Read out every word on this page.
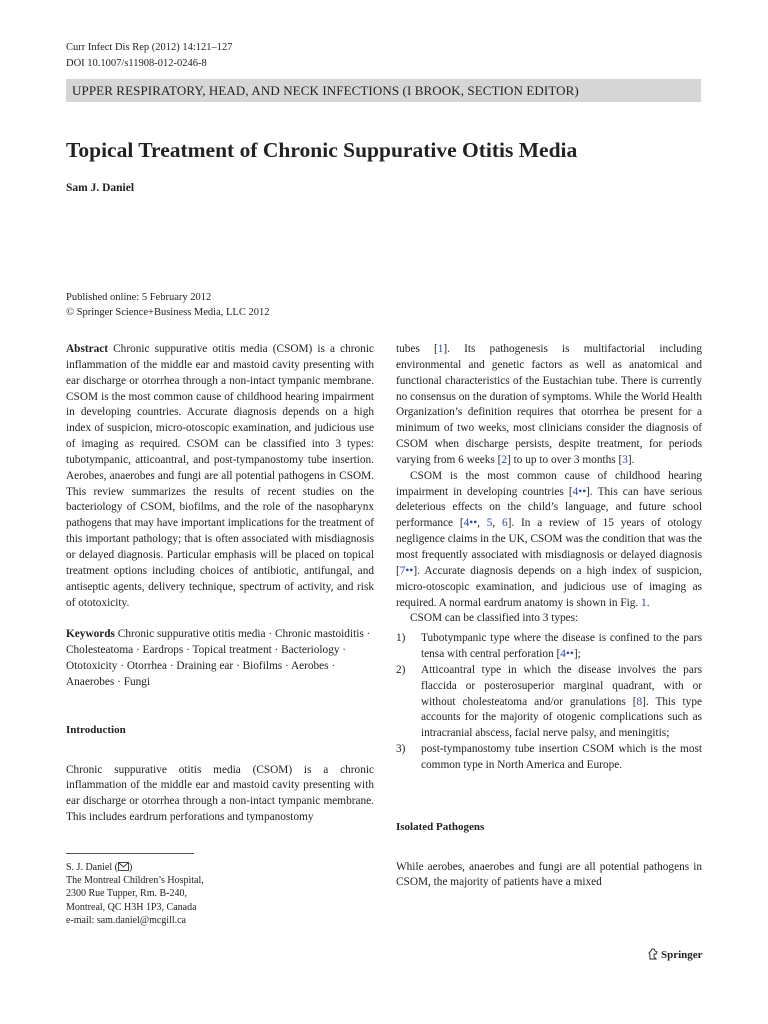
Curr Infect Dis Rep (2012) 14:121–127
DOI 10.1007/s11908-012-0246-8
UPPER RESPIRATORY, HEAD, AND NECK INFECTIONS (I BROOK, SECTION EDITOR)
Topical Treatment of Chronic Suppurative Otitis Media
Sam J. Daniel
Published online: 5 February 2012
© Springer Science+Business Media, LLC 2012

Abstract Chronic suppurative otitis media (CSOM) is a chronic inflammation of the middle ear and mastoid cavity presenting with ear discharge or otorrhea through a non-intact tympanic membrane. CSOM is the most common cause of childhood hearing impairment in developing countries. Accurate diagnosis depends on a high index of suspicion, micro-otoscopic examination, and judicious use of imaging as required. CSOM can be classified into 3 types: tubotympanic, atticoantral, and post-tympanostomy tube insertion. Aerobes, anaerobes and fungi are all potential pathogens in CSOM. This review summarizes the results of recent studies on the bacteriology of CSOM, biofilms, and the role of the nasopharynx pathogens that may have important implications for the treatment of this important pathology; that is often associated with misdiagnosis or delayed diagnosis. Particular emphasis will be placed on topical treatment options including choices of antibiotic, antifungal, and antiseptic agents, delivery technique, spectrum of activity, and risk of ototoxicity.

Keywords Chronic suppurative otitis media · Chronic mastoiditis · Cholesteatoma · Eardrops · Topical treatment · Bacteriology · Ototoxicity · Otorrhea · Draining ear · Biofilms · Aerobes · Anaerobes · Fungi

Introduction

Chronic suppurative otitis media (CSOM) is a chronic inflammation of the middle ear and mastoid cavity presenting with ear discharge or otorrhea through a non-intact tympanic membrane. This includes eardrum perforations and tympanostomy

tubes [1]. Its pathogenesis is multifactorial including environmental and genetic factors as well as anatomical and functional characteristics of the Eustachian tube. There is currently no consensus on the duration of symptoms. While the World Health Organization’s definition requires that otorrhea be present for a minimum of two weeks, most clinicians consider the diagnosis of CSOM when discharge persists, despite treatment, for periods varying from 6 weeks [2] to up to over 3 months [3].

CSOM is the most common cause of childhood hearing impairment in developing countries [4••]. This can have serious deleterious effects on the child’s language, and future school performance [4••, 5, 6]. In a review of 15 years of otology negligence claims in the UK, CSOM was the condition that was the most frequently associated with misdiagnosis or delayed diagnosis [7••]. Accurate diagnosis depends on a high index of suspicion, micro-otoscopic examination, and judicious use of imaging as required. A normal eardrum anatomy is shown in Fig. 1.

CSOM can be classified into 3 types:

1) Tubotympanic type where the disease is confined to the pars tensa with central perforation [4••];
2) Atticoantral type in which the disease involves the pars flaccida or posterosuperior marginal quadrant, with or without cholesteatoma and/or granulations [8]. This type accounts for the majority of otogenic complications such as intracranial abscess, facial nerve palsy, and meningitis;
3) post-tympanostomy tube insertion CSOM which is the most common type in North America and Europe.

Isolated Pathogens

While aerobes, anaerobes and fungi are all potential pathogens in CSOM, the majority of patients have a mixed

S. J. Daniel ( )
The Montreal Children’s Hospital,
2300 Rue Tupper, Rm. B-240,
Montreal, QC H3H 1P3, Canada
e-mail: sam.daniel@mcgill.ca
Springer
